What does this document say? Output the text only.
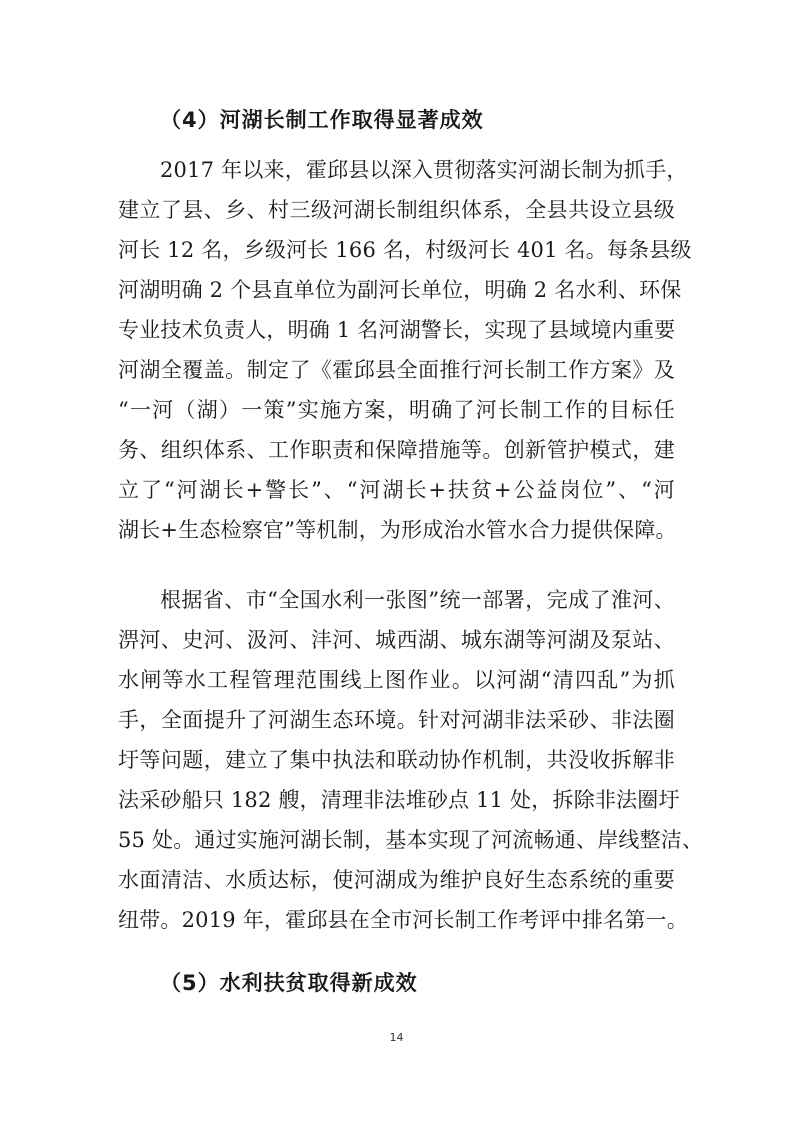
（4）河湖长制工作取得显著成效
2017 年以来，霍邱县以深入贯彻落实河湖长制为抓手，
建立了县、乡、村三级河湖长制组织体系，全县共设立县级
河长 12 名，乡级河长 166 名，村级河长 401 名。每条县级
河湖明确 2 个县直单位为副河长单位，明确 2 名水利、环保
专业技术负责人，明确 1 名河湖警长，实现了县域境内重要
河湖全覆盖。制定了《霍邱县全面推行河长制工作方案》及
“一河（湖）一策”实施方案，明确了河长制工作的目标任
务、组织体系、工作职责和保障措施等。创新管护模式，建
立了“河湖长+警长”、“河湖长+扶贫+公益岗位”、“河
湖长+生态检察官”等机制，为形成治水管水合力提供保障。
根据省、市“全国水利一张图”统一部署，完成了淮河、
淠河、史河、汲河、沣河、城西湖、城东湖等河湖及泵站、
水闸等水工程管理范围线上图作业。以河湖“清四乱”为抓
手，全面提升了河湖生态环境。针对河湖非法采砂、非法圈
圩等问题，建立了集中执法和联动协作机制，共没收拆解非
法采砂船只 182 艘，清理非法堆砂点 11 处，拆除非法圈圩
55 处。通过实施河湖长制，基本实现了河流畅通、岸线整洁、
水面清洁、水质达标，使河湖成为维护良好生态系统的重要
纽带。2019 年，霍邱县在全市河长制工作考评中排名第一。
（5）水利扶贫取得新成效
14
